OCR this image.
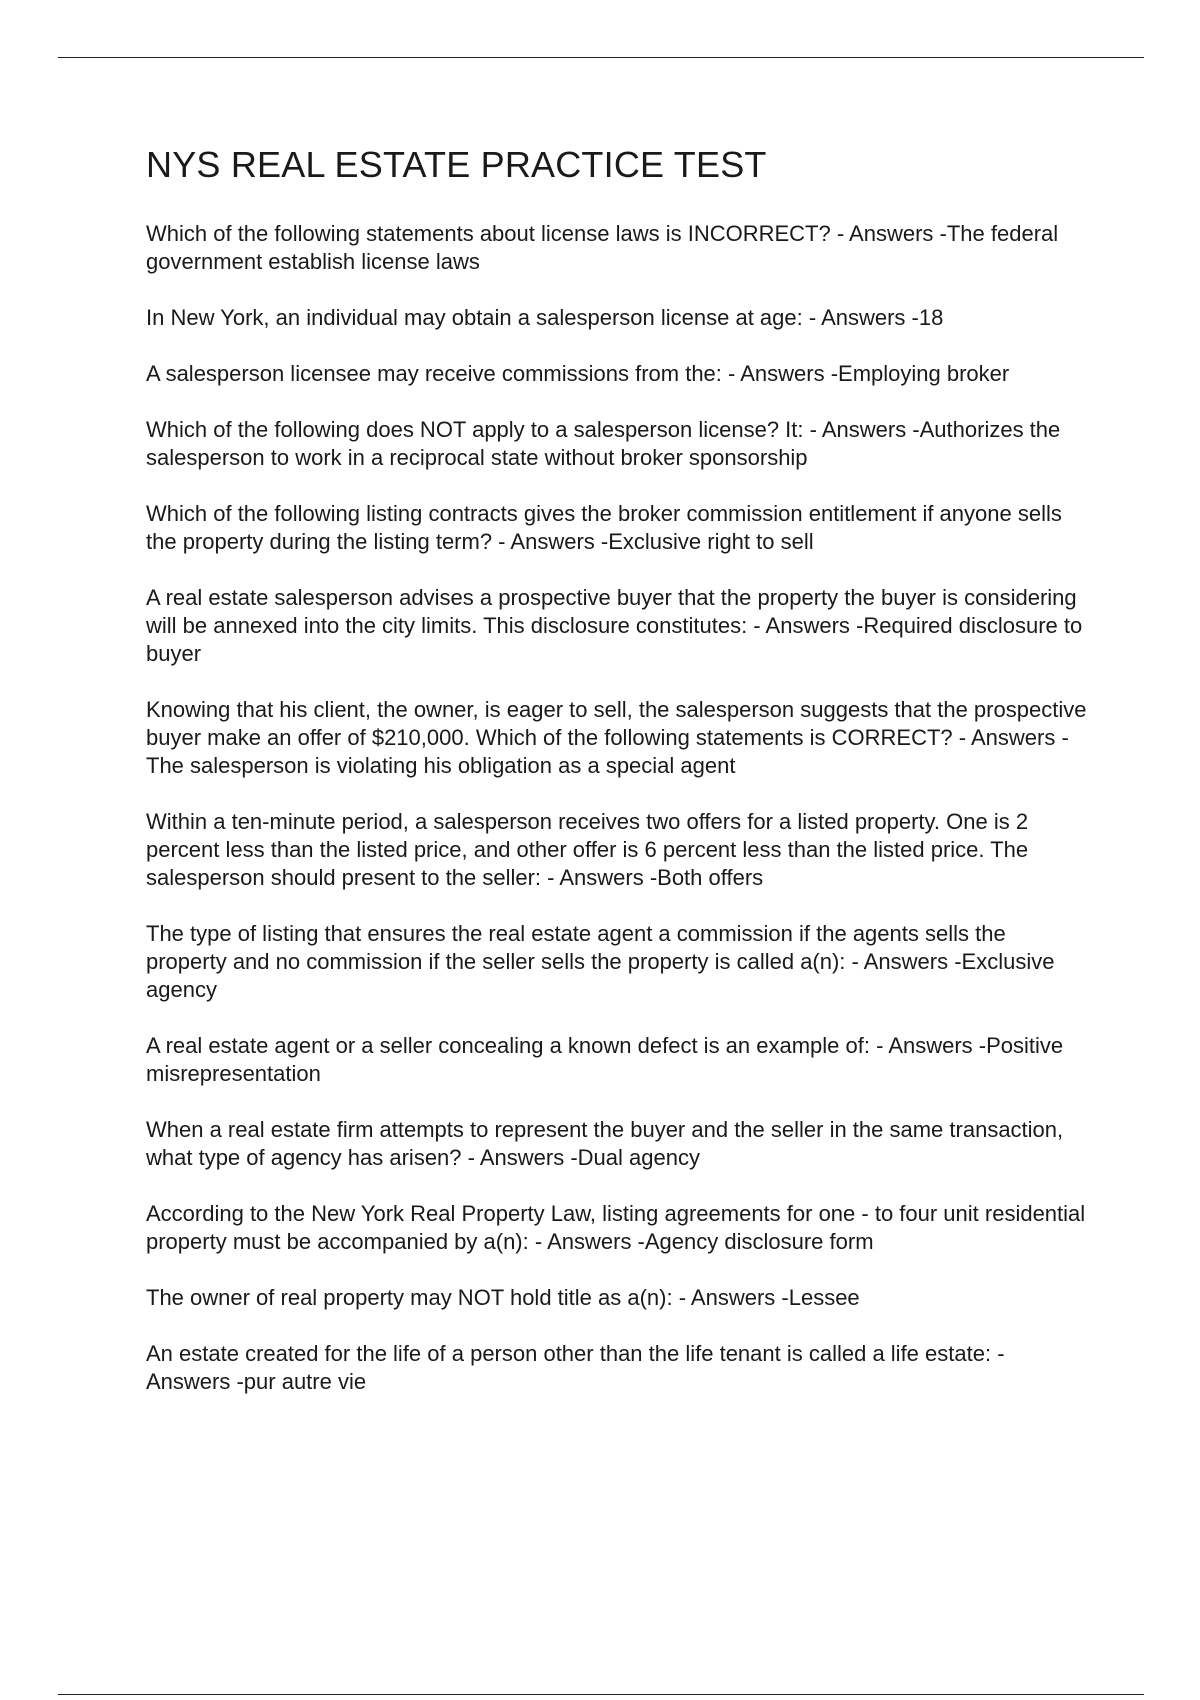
NYS REAL ESTATE PRACTICE TEST

Which of the following statements about license laws is INCORRECT? - Answers -The federal government establish license laws

In New York, an individual may obtain a salesperson license at age: - Answers -18

A salesperson licensee may receive commissions from the: - Answers -Employing broker

Which of the following does NOT apply to a salesperson license? It: - Answers -Authorizes the salesperson to work in a reciprocal state without broker sponsorship

Which of the following listing contracts gives the broker commission entitlement if anyone sells the property during the listing term? - Answers -Exclusive right to sell

A real estate salesperson advises a prospective buyer that the property the buyer is considering will be annexed into the city limits. This disclosure constitutes: - Answers -Required disclosure to buyer

Knowing that his client, the owner, is eager to sell, the salesperson suggests that the prospective buyer make an offer of $210,000. Which of the following statements is CORRECT? - Answers -The salesperson is violating his obligation as a special agent

Within a ten-minute period, a salesperson receives two offers for a listed property. One is 2 percent less than the listed price, and other offer is 6 percent less than the listed price. The salesperson should present to the seller: - Answers -Both offers

The type of listing that ensures the real estate agent a commission if the agents sells the property and no commission if the seller sells the property is called a(n): - Answers -Exclusive agency

A real estate agent or a seller concealing a known defect is an example of: - Answers -Positive misrepresentation

When a real estate firm attempts to represent the buyer and the seller in the same transaction, what type of agency has arisen? - Answers -Dual agency

According to the New York Real Property Law, listing agreements for one - to four unit residential property must be accompanied by a(n): - Answers -Agency disclosure form

The owner of real property may NOT hold title as a(n): - Answers -Lessee

An estate created for the life of a person other than the life tenant is called a life estate: - Answers -pur autre vie
